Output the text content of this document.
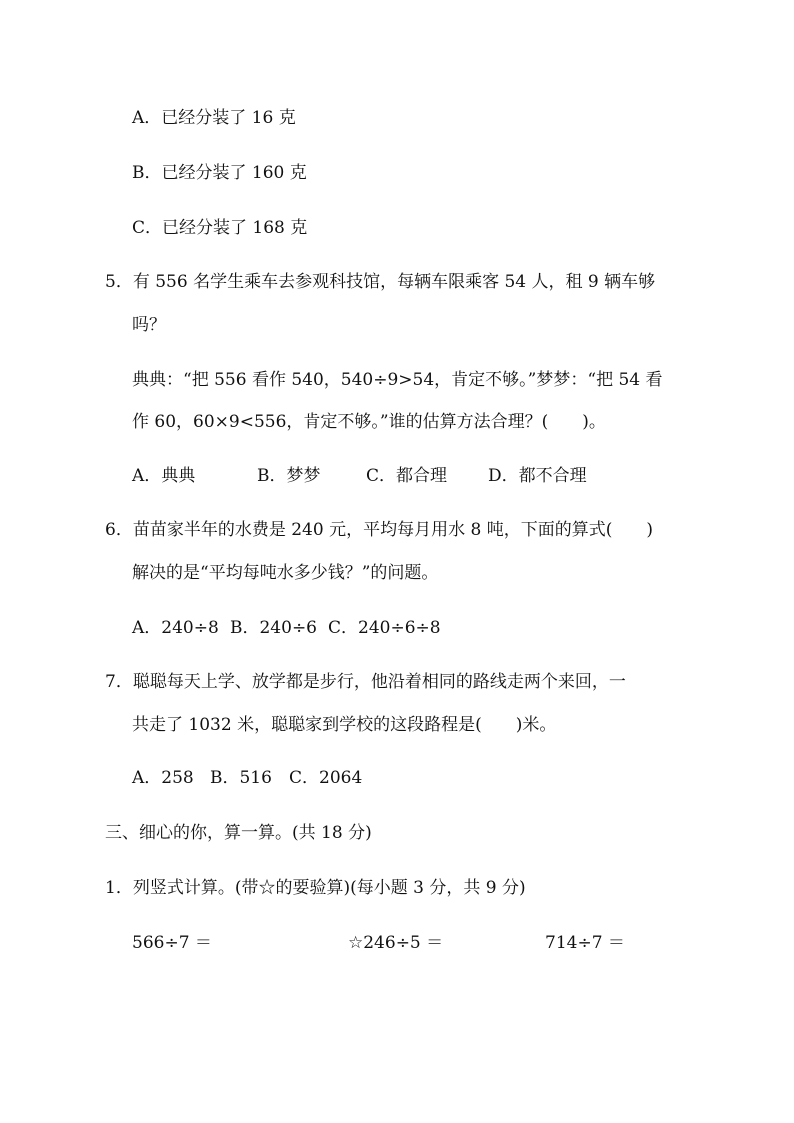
A．已经分装了 16 克
B．已经分装了 160 克
C．已经分装了 168 克
5．有 556 名学生乘车去参观科技馆，每辆车限乘客 54 人，租 9 辆车够
吗？
典典：“把 556 看作 540，540÷9>54，肯定不够。”梦梦：“把 54 看
作 60，60×9<556，肯定不够。”谁的估算方法合理？(　　)。
A．典典	B．梦梦	C．都合理 D．都不合理
6．苗苗家半年的水费是 240 元，平均每月用水 8 吨，下面的算式(　　)
解决的是“平均每吨水多少钱？”的问题。
A．240÷8 B．240÷6 C．240÷6÷8
7．聪聪每天上学、放学都是步行，他沿着相同的路线走两个来回，一
共走了 1032 米，聪聪家到学校的这段路程是(　　)米。
A．258 B．516 C．2064
三、细心的你，算一算。(共 18 分)
1．列竖式计算。(带☆的要验算)(每小题 3 分，共 9 分)
566÷7 ＝	☆246÷5 ＝	714÷7 ＝
